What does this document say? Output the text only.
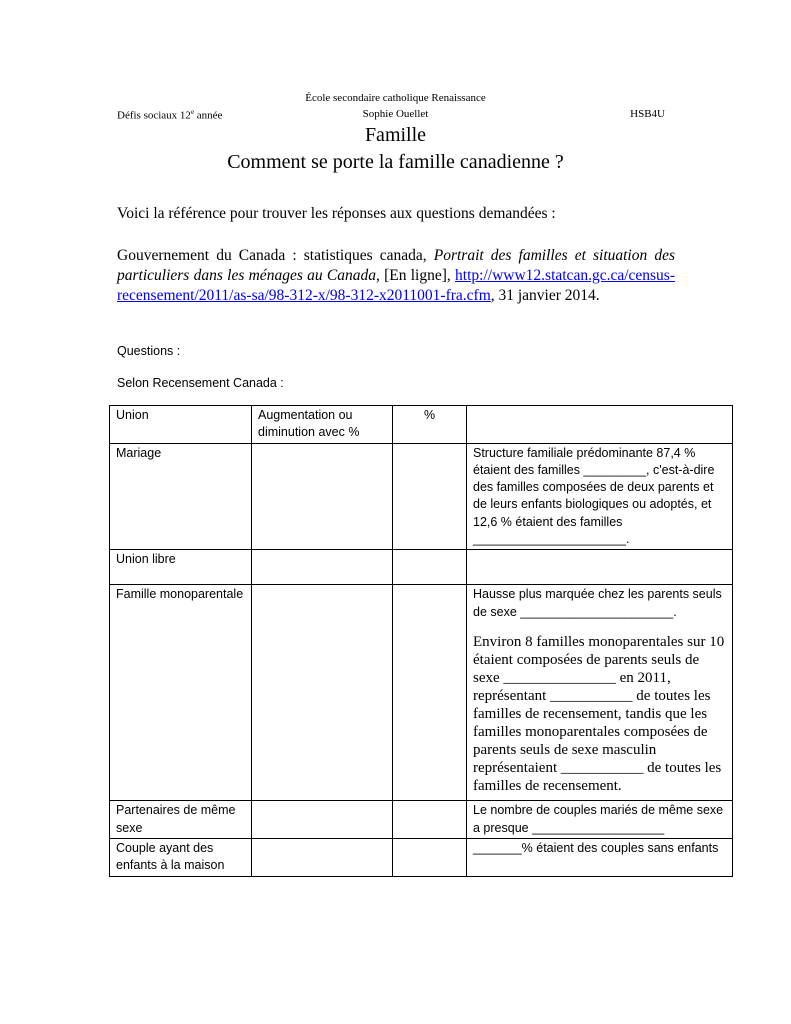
École secondaire catholique Renaissance
Défis sociaux 12e année	Sophie Ouellet	HSB4U
Famille
Comment se porte la famille canadienne ?
Voici la référence pour trouver les réponses aux questions demandées :
Gouvernement du Canada : statistiques canada, Portrait des familles et situation des particuliers dans les ménages au Canada, [En ligne], http://www12.statcan.gc.ca/census-recensement/2011/as-sa/98-312-x/98-312-x2011001-fra.cfm, 31 janvier 2014.
Questions :
Selon Recensement Canada :
Union	Augmentation ou diminution avec %	%	
Mariage			Structure familiale prédominante 87,4 % étaient des familles _________, c'est-à-dire des familles composées de deux parents et de leurs enfants biologiques ou adoptés, et 12,6 % étaient des familles ______________________.
Union libre			
Famille monoparentale			Hausse plus marquée chez les parents seuls de sexe ______________________.
Environ 8 familles monoparentales sur 10 étaient composées de parents seuls de sexe _______________ en 2011, représentant ___________ de toutes les familles de recensement, tandis que les familles monoparentales composées de parents seuls de sexe masculin représentaient ___________ de toutes les familles de recensement.

Partenaires de même sexe			Le nombre de couples mariés de même sexe a presque ___________________
Couple ayant des enfants à la maison			_______% étaient des couples sans enfants
